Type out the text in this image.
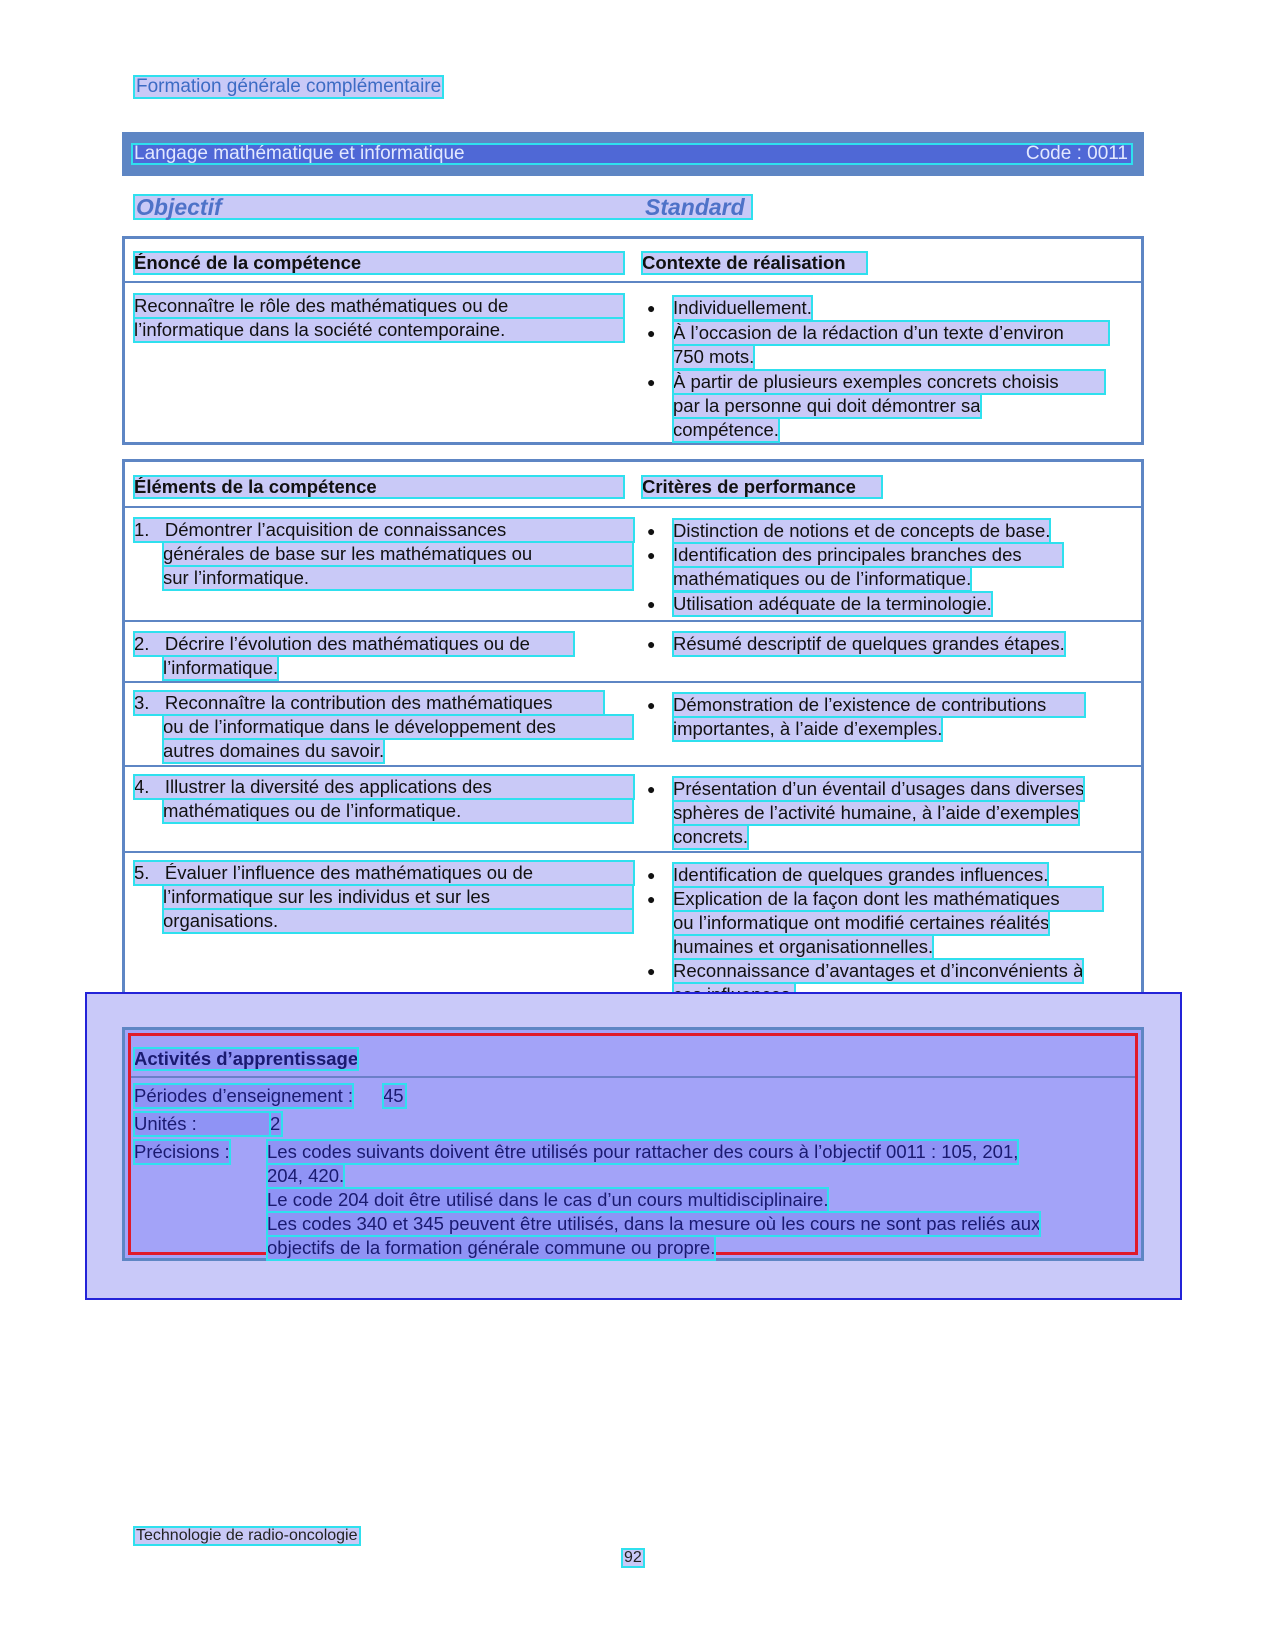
Formation générale complémentaire
Langage mathématique et informatique	Code : 0011
Objectif	Standard
Énoncé de la compétence	Contexte de réalisation
Reconnaître le rôle des mathématiques ou de
l’informatique dans la société contemporaine.
● Individuellement.
● À l’occasion de la rédaction d’un texte d’environ
750 mots.
● À partir de plusieurs exemples concrets choisis
par la personne qui doit démontrer sa
compétence.
Éléments de la compétence	Critères de performance
1. Démontrer l’acquisition de connaissances
générales de base sur les mathématiques ou
sur l’informatique.
● Distinction de notions et de concepts de base.
● Identification des principales branches des
mathématiques ou de l’informatique.
● Utilisation adéquate de la terminologie.
2. Décrire l’évolution des mathématiques ou de
l’informatique.
● Résumé descriptif de quelques grandes étapes.
3. Reconnaître la contribution des mathématiques
ou de l’informatique dans le développement des
autres domaines du savoir.
● Démonstration de l’existence de contributions
importantes, à l’aide d’exemples.
4. Illustrer la diversité des applications des
mathématiques ou de l’informatique.
● Présentation d’un éventail d’usages dans diverses
sphères de l’activité humaine, à l’aide d’exemples
concrets.
5. Évaluer l’influence des mathématiques ou de
l’informatique sur les individus et sur les
organisations.
● Identification de quelques grandes influences.
● Explication de la façon dont les mathématiques
ou l’informatique ont modifié certaines réalités
humaines et organisationnelles.
● Reconnaissance d’avantages et d’inconvénients à
Activités d’apprentissage
Périodes d’enseignement : 45
Unités :	2
Précisions : Les codes suivants doivent être utilisés pour rattacher des cours à l’objectif 0011 : 105, 201,
204, 420.
Le code 204 doit être utilisé dans le cas d’un cours multidisciplinaire.
Les codes 340 et 345 peuvent être utilisés, dans la mesure où les cours ne sont pas reliés aux
objectifs de la formation générale commune ou propre.
Technologie de radio-oncologie
92
